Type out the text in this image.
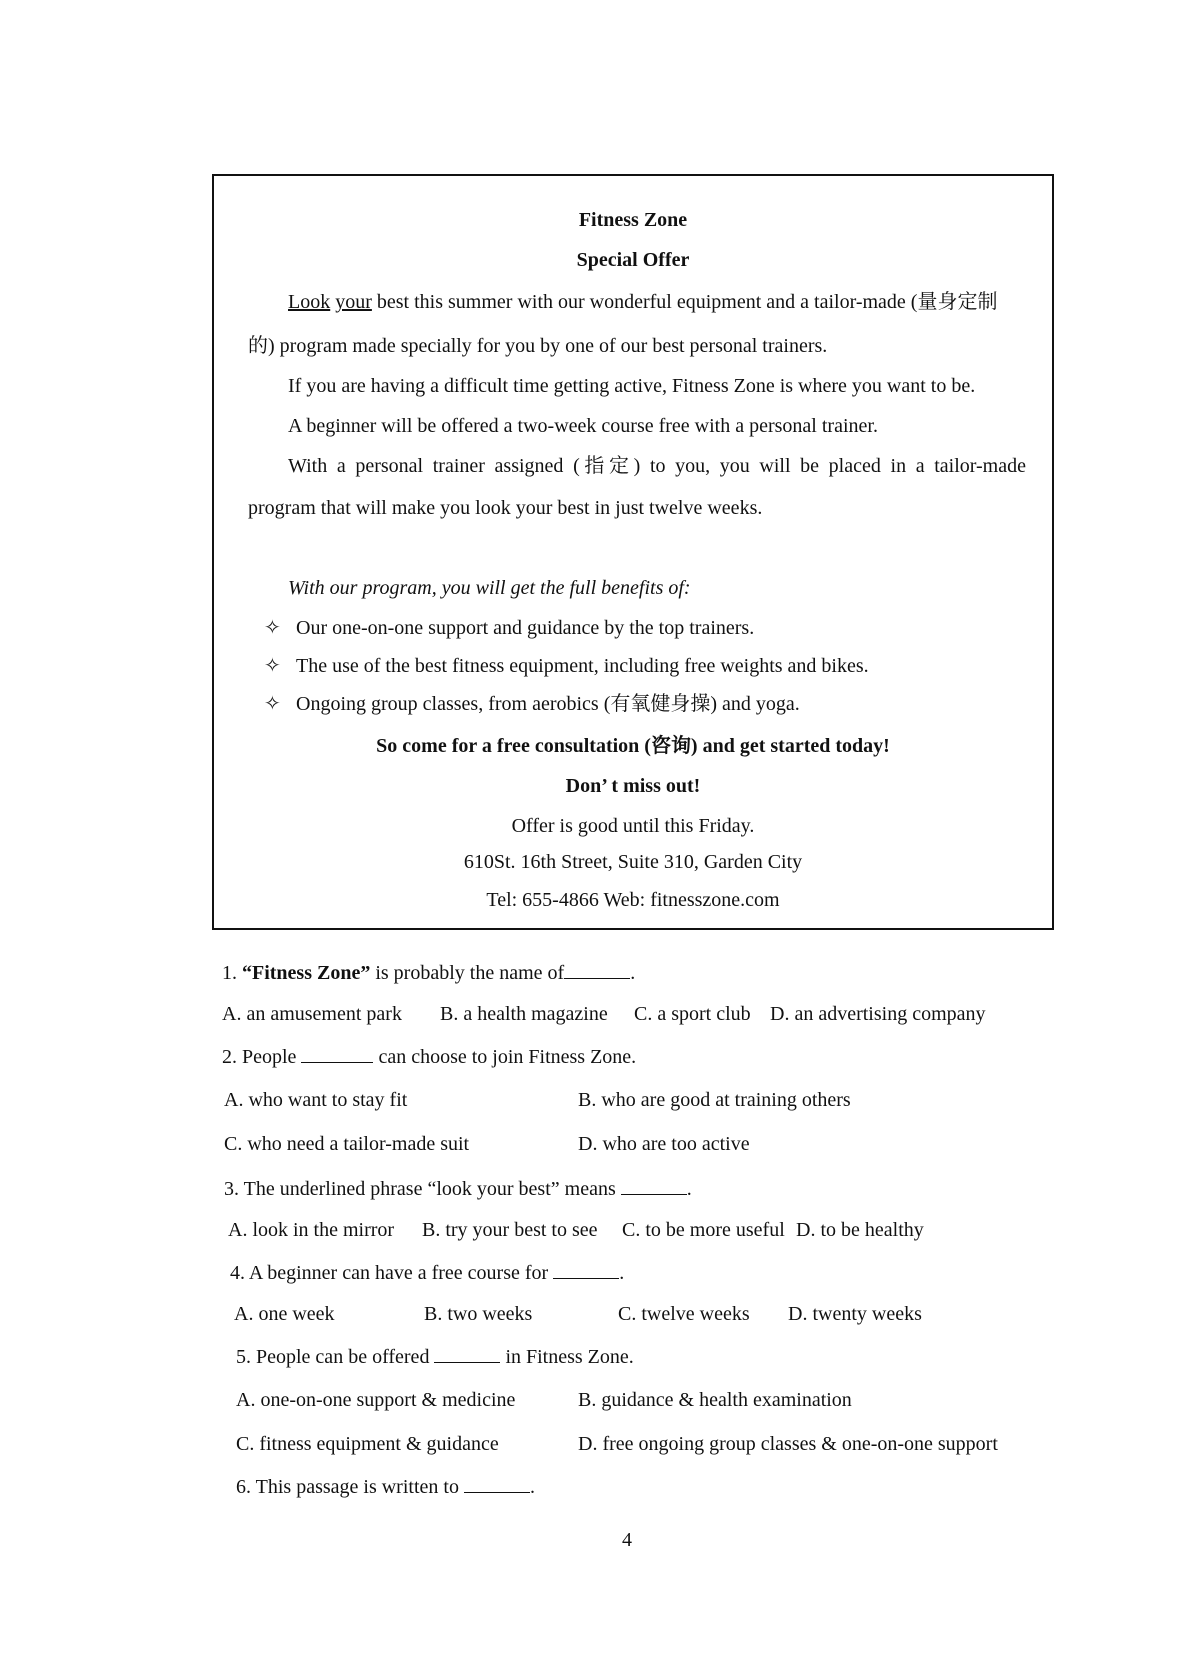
Fitness Zone
Special Offer
Look your best this summer with our wonderful equipment and a tailor-made (量身定制
的) program made specially for you by one of our best personal trainers.
If you are having a difficult time getting active, Fitness Zone is where you want to be.
A beginner will be offered a two-week course free with a personal trainer.
With a personal trainer assigned (指定) to you, you will be placed in a tailor-made
program that will make you look your best in just twelve weeks.
With our program, you will get the full benefits of:
✧ Our one-on-one support and guidance by the top trainers.
✧ The use of the best fitness equipment, including free weights and bikes.
✧ Ongoing group classes, from aerobics (有氧健身操) and yoga.
So come for a free consultation (咨询) and get started today!
Don’ t miss out!
Offer is good until this Friday.
610St. 16th Street, Suite 310, Garden City
Tel: 655-4866 Web: fitnesszone.com
1. “Fitness Zone” is probably the name of	.
A. an amusement park B. a health magazine C. a sport club D. an advertising company
2. People	can choose to join Fitness Zone.
A. who want to stay fit	B. who are good at training others
C. who need a tailor-made suit	D. who are too active
3. The underlined phrase “look your best” means	.
A. look in the mirror B. try your best to see C. to be more useful D. to be healthy
4. A beginner can have a free course for	.
A. one week	B. two weeks	C. twelve weeks D. twenty weeks
5. People can be offered	in Fitness Zone.
A. one-on-one support & medicine	B. guidance & health examination
C. fitness equipment & guidance	D. free ongoing group classes & one-on-one support
6. This passage is written to	.
4
